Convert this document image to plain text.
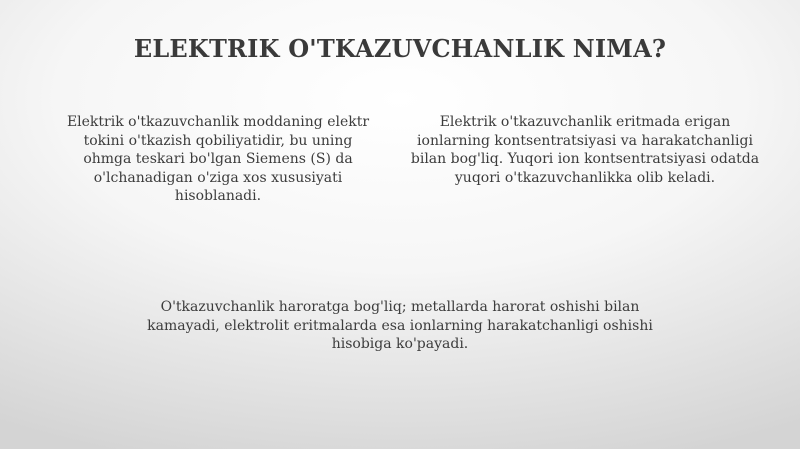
ELEKTRIK O'TKAZUVCHANLIK NIMA?
Elektrik o'tkazuvchanlik moddaning elektr tokini o'tkazish qobiliyatidir, bu uning ohmga teskari bo'lgan Siemens (S) da o'lchanadigan o'ziga xos xususiyati hisoblanadi.
Elektrik o'tkazuvchanlik eritmada erigan ionlarning kontsentratsiyasi va harakatchanligi bilan bog'liq. Yuqori ion kontsentratsiyasi odatda yuqori o'tkazuvchanlikka olib keladi.
O'tkazuvchanlik haroratga bog'liq; metallarda harorat oshishi bilan kamayadi, elektrolit eritmalarda esa ionlarning harakatchanligi oshishi hisobiga ko'payadi.
